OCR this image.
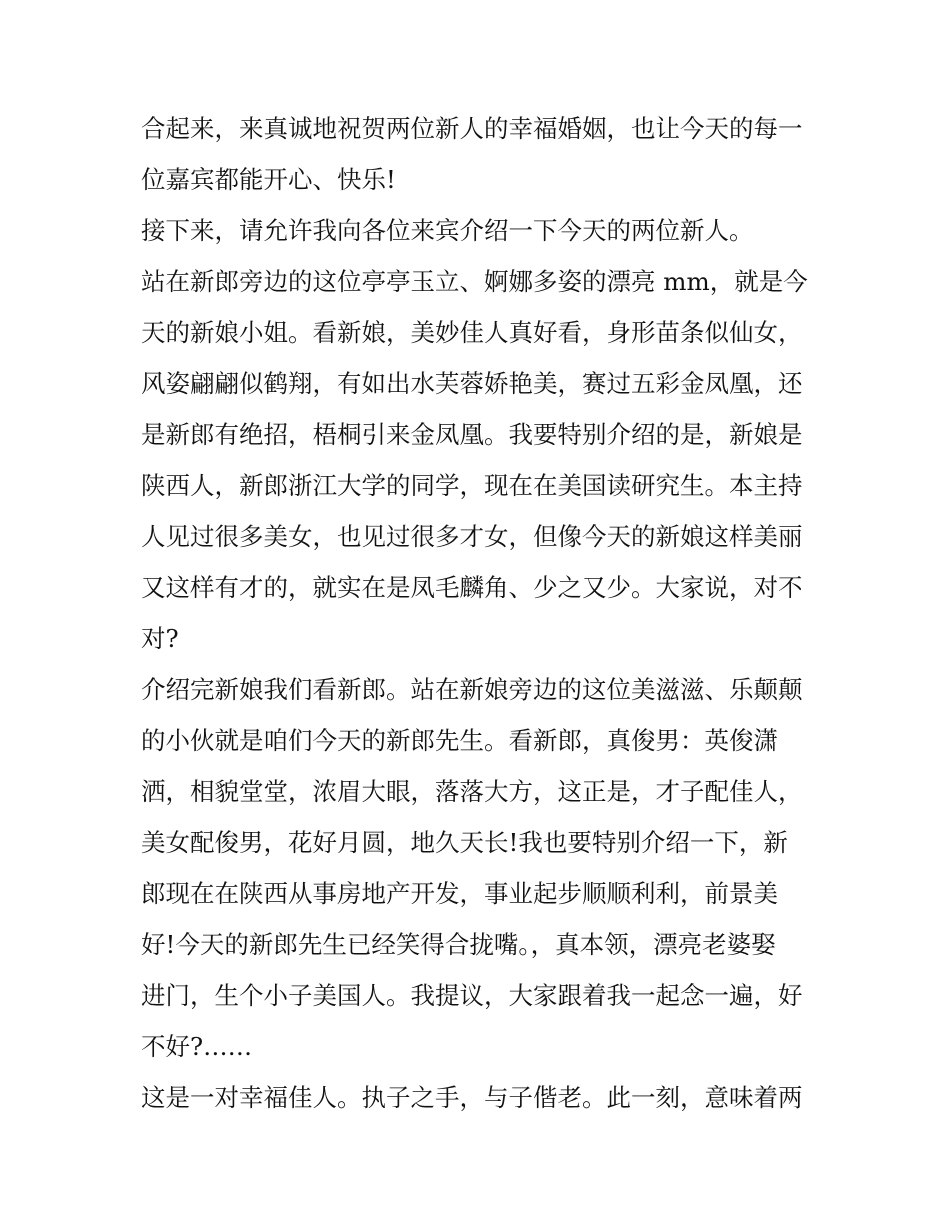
合起来，来真诚地祝贺两位新人的幸福婚姻，也让今天的每一

位嘉宾都能开心、快乐!

接下来，请允许我向各位来宾介绍一下今天的两位新人。

站在新郎旁边的这位亭亭玉立、婀娜多姿的漂亮 mm，就是今

天的新娘小姐。看新娘，美妙佳人真好看，身形苗条似仙女，

风姿翩翩似鹤翔，有如出水芙蓉娇艳美，赛过五彩金凤凰，还

是新郎有绝招，梧桐引来金凤凰。我要特别介绍的是，新娘是

陕西人，新郎浙江大学的同学，现在在美国读研究生。本主持

人见过很多美女，也见过很多才女，但像今天的新娘这样美丽

又这样有才的，就实在是凤毛麟角、少之又少。大家说，对不

对?

介绍完新娘我们看新郎。站在新娘旁边的这位美滋滋、乐颠颠

的小伙就是咱们今天的新郎先生。看新郎，真俊男：英俊潇

洒，相貌堂堂，浓眉大眼，落落大方，这正是，才子配佳人，

美女配俊男，花好月圆，地久天长!我也要特别介绍一下，新

郎现在在陕西从事房地产开发，事业起步顺顺利利，前景美

好!今天的新郎先生已经笑得合拢嘴。，真本领，漂亮老婆娶

进门，生个小子美国人。我提议，大家跟着我一起念一遍，好

不好?……

这是一对幸福佳人。执子之手，与子偕老。此一刻，意味着两
